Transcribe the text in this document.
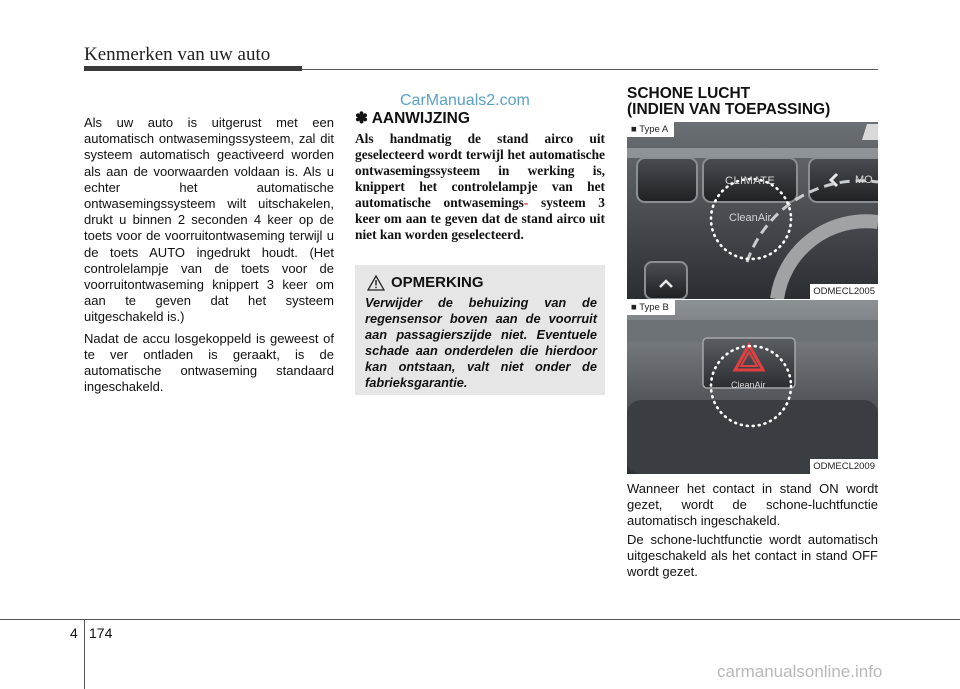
Kenmerken van uw auto
CarManuals2.com

Als uw auto is uitgerust met een automatisch ontwasemingssysteem, zal dit systeem automatisch geactiveerd worden als aan de voorwaarden voldaan is. Als u echter het automatische ontwasemingssysteem wilt uitschakelen, drukt u binnen 2 seconden 4 keer op de toets voor de voorruitontwaseming terwijl u de toets AUTO ingedrukt houdt. (Het controlelampje van de toets voor de voorruitontwaseming knippert 3 keer om aan te geven dat het systeem uitgeschakeld is.)

Nadat de accu losgekoppeld is geweest of te ver ontladen is geraakt, is de automatische ontwaseming standaard ingeschakeld.

✽ AANWIJZING

Als handmatig de stand airco uit geselecteerd wordt terwijl het automatische ontwasemingssysteem in werking is, knippert het controlelampje van het automatische ontwasemings- systeem 3 keer om aan te geven dat de stand airco uit niet kan worden geselecteerd.

OPMERKING
Verwijder de behuizing van de regensensor boven aan de voorruit aan passagierszijde niet. Eventuele schade aan onderdelen die hierdoor kan ontstaan, valt niet onder de fabrieksgarantie.
SCHONE LUCHT
(INDIEN VAN TOEPASSING)
CLIMATE	MO
CleanAir
■ Type A
ODMECL2005
CleanAir
■ Type B
ODMECL2009

Wanneer het contact in stand ON wordt gezet, wordt de schone-luchtfunctie automatisch ingeschakeld.

De schone-luchtfunctie wordt automatisch uitgeschakeld als het contact in stand OFF wordt gezet.

4 174
carmanualsonline.info
